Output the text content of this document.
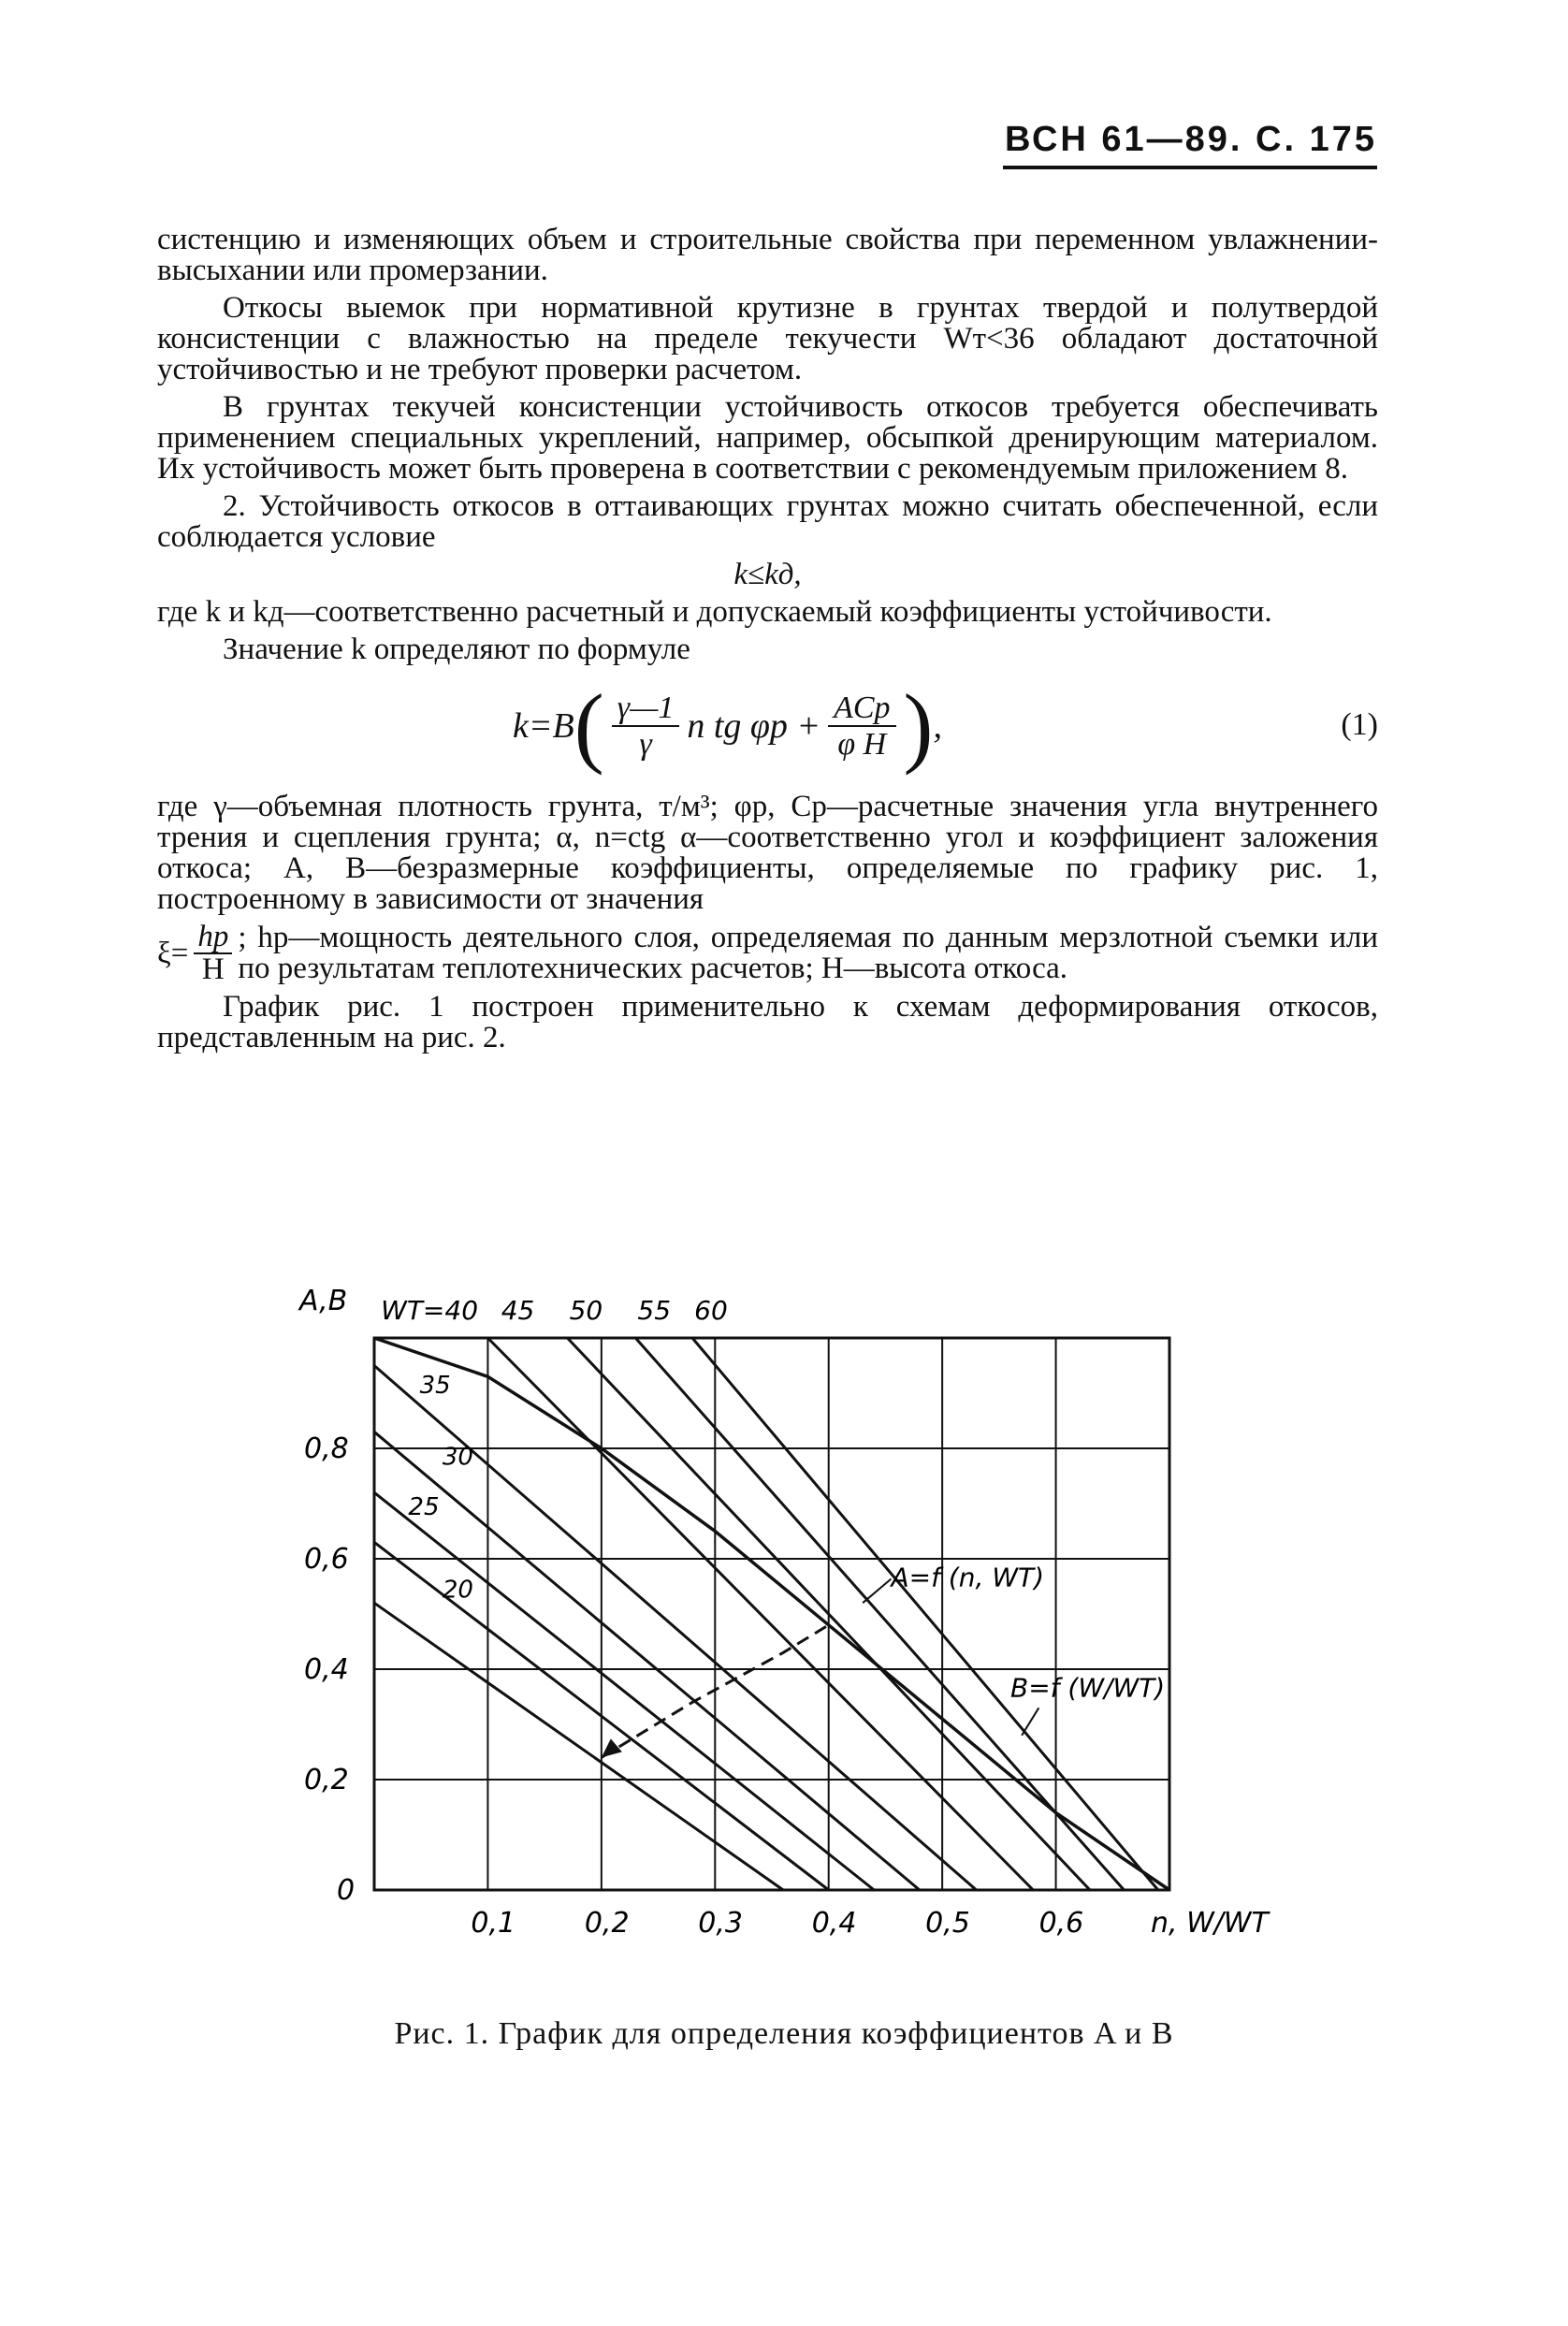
ВСН 61—89. С. 175

систенцию и изменяющих объем и строительные свойства при переменном увлажнении-высыхании или промерзании.

Откосы выемок при нормативной крутизне в грунтах твердой и полутвердой консистенции с влажностью на пределе текучести Wт<36 обладают достаточной устойчивостью и не требуют проверки расчетом.

В грунтах текучей консистенции устойчивость откосов требуется обеспечивать применением специальных укреплений, например, обсыпкой дренирующим материалом. Их устойчивость может быть проверена в соответствии с рекомендуемым приложением 8.

2. Устойчивость откосов в оттаивающих грунтах можно считать обеспеченной, если соблюдается условие

k≤kд,

где k и kд—соответственно расчетный и допускаемый коэффициенты устойчивости.

Значение k определяют по формуле

k=B ( $\frac{\gamma—1}{\gamma}$ n tg $\varphi р + \frac{\text{ACр}}{\text{φ H}}$ ) ,	(1)

где γ—объемная плотность грунта, т/м³; φр, Cр—расчетные значения угла внутреннего трения и сцепления грунта; α, n=ctg α—соответственно угол и коэффициент заложения откоса; A, B—безразмерные коэффициенты, определяемые по графику рис. 1, построенному в зависимости от значения

$\xi= \frac{hр}{H}$ ; hр—мощность деятельного слоя, определяемая по данным мерзлотной съемки или по результатам теплотехнических расчетов; H—высота откоса.

График рис. 1 построен применительно к схемам деформирования откосов, представленным на рис. 2.

0,1 0,2 0,3 0,4 0,5 0,6
0,2
0,4
0,6
0,8
0
A,B
n, W/WT
WT=40 45 50 55 60
35
30
25
20	A=f (n, WT)
B=f (W/WT)
Рис. 1. График для определения коэффициентов A и B
